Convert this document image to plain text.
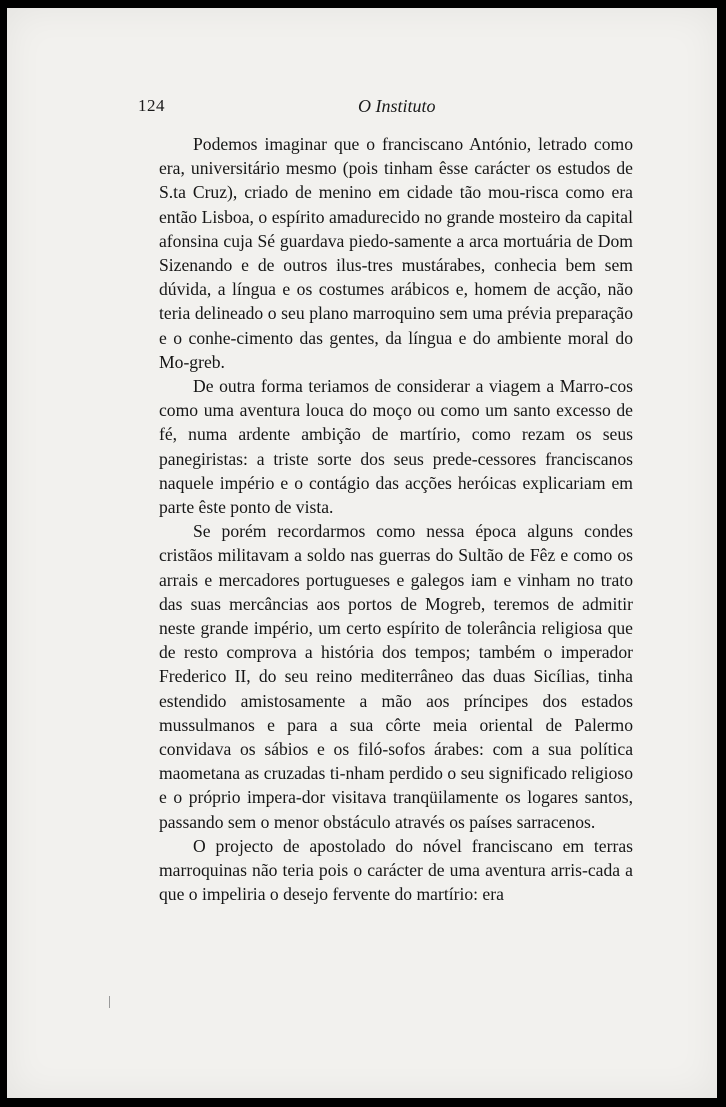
124	O Instituto

Podemos imaginar que o franciscano António, letrado como era, universitário mesmo (pois tinham êsse carácter os estudos de S.ta Cruz), criado de menino em cidade tão mou-risca como era então Lisboa, o espírito amadurecido no grande mosteiro da capital afonsina cuja Sé guardava piedo-samente a arca mortuária de Dom Sizenando e de outros ilus-tres mustárabes, conhecia bem sem dúvida, a língua e os costumes arábicos e, homem de acção, não teria delineado o seu plano marroquino sem uma prévia preparação e o conhe-cimento das gentes, da língua e do ambiente moral do Mo-greb.

De outra forma teriamos de considerar a viagem a Marro-cos como uma aventura louca do moço ou como um santo excesso de fé, numa ardente ambição de martírio, como rezam os seus panegiristas: a triste sorte dos seus prede-cessores franciscanos naquele império e o contágio das acções heróicas explicariam em parte êste ponto de vista.

Se porém recordarmos como nessa época alguns condes cristãos militavam a soldo nas guerras do Sultão de Fêz e como os arrais e mercadores portugueses e galegos iam e vinham no trato das suas mercâncias aos portos de Mogreb, teremos de admitir neste grande império, um certo espírito de tolerância religiosa que de resto comprova a história dos tempos; também o imperador Frederico II, do seu reino mediterrâneo das duas Sicílias, tinha estendido amistosamente a mão aos príncipes dos estados mussulmanos e para a sua côrte meia oriental de Palermo convidava os sábios e os filó-sofos árabes: com a sua política maometana as cruzadas ti-nham perdido o seu significado religioso e o próprio impera-dor visitava tranqüilamente os logares santos, passando sem o menor obstáculo através os países sarracenos.

O projecto de apostolado do nóvel franciscano em terras marroquinas não teria pois o carácter de uma aventura arris-cada a que o impeliria o desejo fervente do martírio: era
